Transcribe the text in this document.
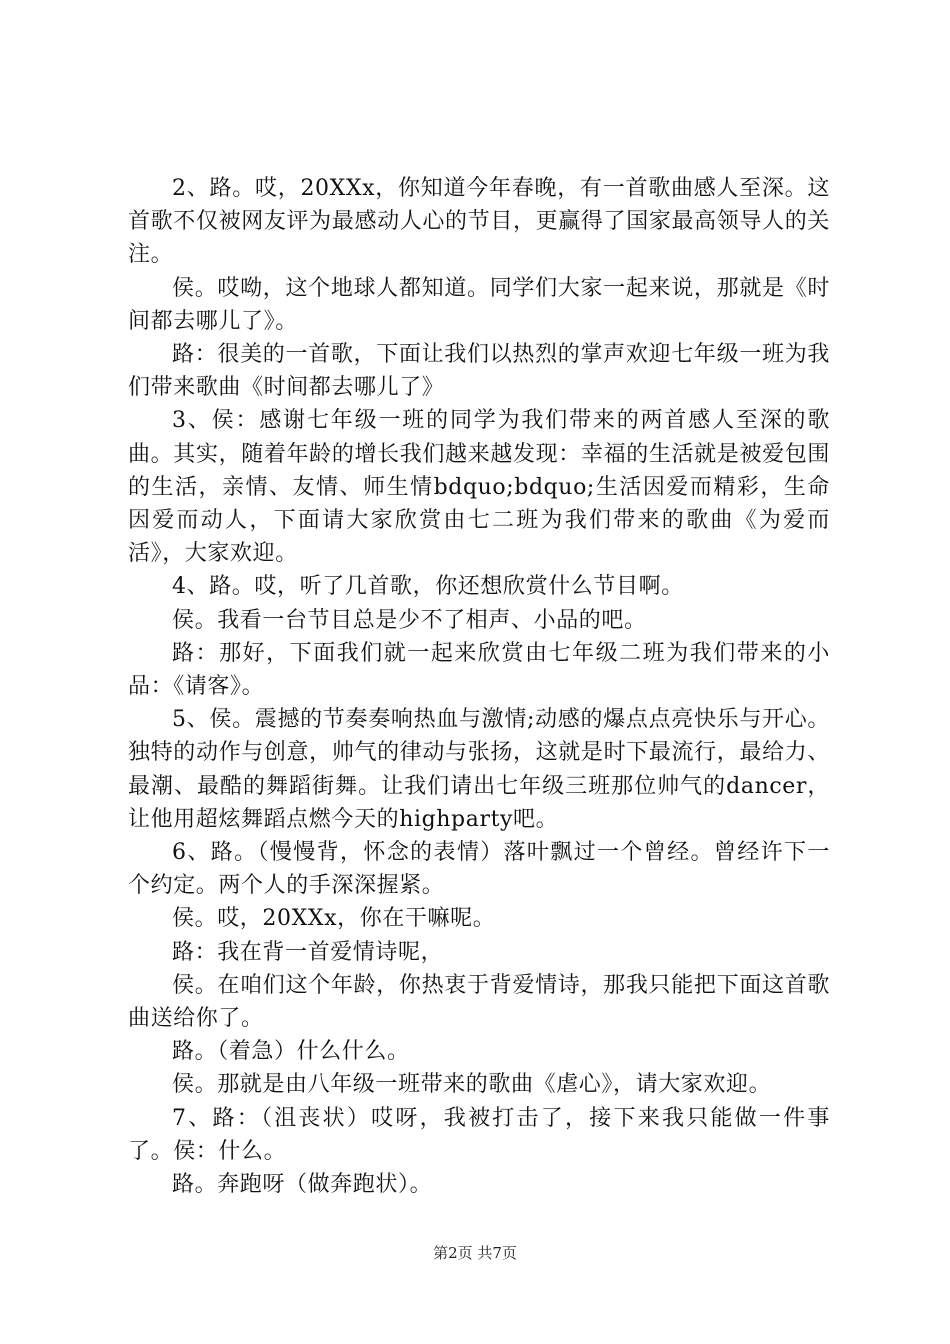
2、路。哎，20XXx，你知道今年春晚，有一首歌曲感人至深。这首歌不仅被网友评为最感动人心的节目，更赢得了国家最高领导人的关注。

侯。哎呦，这个地球人都知道。同学们大家一起来说，那就是《时间都去哪儿了》。

路：很美的一首歌，下面让我们以热烈的掌声欢迎七年级一班为我们带来歌曲《时间都去哪儿了》

3、侯：感谢七年级一班的同学为我们带来的两首感人至深的歌曲。其实，随着年龄的增长我们越来越发现：幸福的生活就是被爱包围的生活，亲情、友情、师生情bdquo;bdquo;生活因爱而精彩，生命因爱而动人，下面请大家欣赏由七二班为我们带来的歌曲《为爱而活》，大家欢迎。

4、路。哎，听了几首歌，你还想欣赏什么节目啊。

侯。我看一台节目总是少不了相声、小品的吧。

路：那好，下面我们就一起来欣赏由七年级二班为我们带来的小品：《请客》。

5、侯。震撼的节奏奏响热血与激情;动感的爆点点亮快乐与开心。独特的动作与创意，帅气的律动与张扬，这就是时下最流行，最给力、最潮、最酷的舞蹈街舞。让我们请出七年级三班那位帅气的dancer，让他用超炫舞蹈点燃今天的highparty吧。

6、路。（慢慢背，怀念的表情）落叶飘过一个曾经。曾经许下一个约定。两个人的手深深握紧。

侯。哎，20XXx，你在干嘛呢。

路：我在背一首爱情诗呢，

侯。在咱们这个年龄，你热衷于背爱情诗，那我只能把下面这首歌曲送给你了。

路。（着急）什么什么。

侯。那就是由八年级一班带来的歌曲《虐心》，请大家欢迎。

7、路：（沮丧状）哎呀，我被打击了，接下来我只能做一件事了。侯：什么。

路。奔跑呀（做奔跑状）。

第2页 共7页
